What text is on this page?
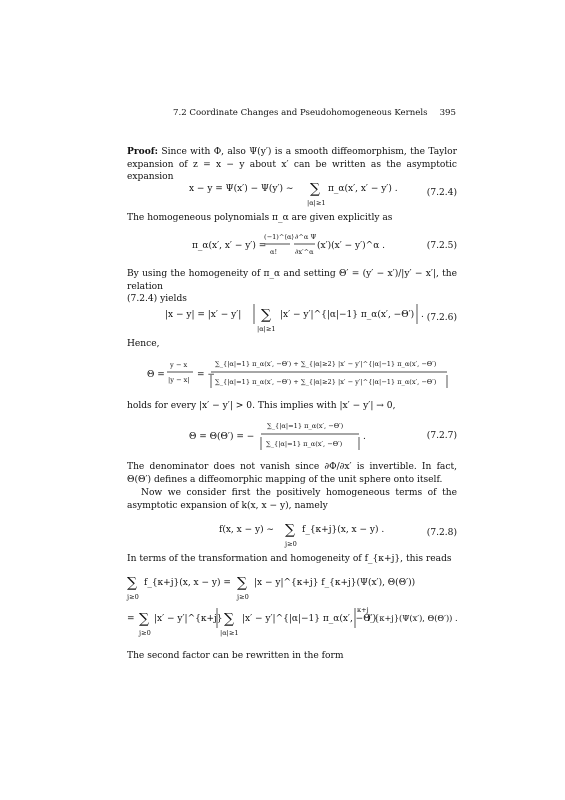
7.2 Coordinate Changes and Pseudohomogeneous Kernels 395
Proof: Since with Φ, also Ψ(y′) is a smooth diffeomorphism, the Taylor expansion of z = x − y about x′ can be written as the asymptotic expansion
x − y = Ψ(x′) − Ψ(y′) ∼ ∑
|α|≥1
π_α(x′, x′ − y′) .	(7.2.4)
The homogeneous polynomials π_α are given explicitly as
π_α(x′, x′ − y′) =
(−1)^⟨α⟩
α!
∂^α Ψ
∂x′^α
(x′)(x′ − y′)^α .	(7.2.5)
By using the homogeneity of π_α and setting Θ′ = (y′ − x′)/|y′ − x′|, the relation
(7.2.4) yields
|x − y| = |x′ − y′| ∑
|α|≥1
|x′ − y′|^{|α|−1} π_α(x′, −Θ′) . (7.2.6)
Hence,
Θ =
y − x
|y − x| = −
∑_{|α|=1} π_α(x′, −Θ′) + ∑_{|α|≥2} |x′ − y′|^{|α|−1} π_α(x′, −Θ′)
∑_{|α|=1} π_α(x′, −Θ′) + ∑_{|α|≥2} |x′ − y′|^{|α|−1} π_α(x′, −Θ′)
holds for every |x′ − y′| > 0. This implies with |x′ − y′| → 0,
Θ = Θ(Θ′) = −
∑_{|α|=1} π_α(x′, −Θ′)
∑_{|α|=1} π_α(x′, −Θ′)
.	(7.2.7)
The denominator does not vanish since ∂Φ/∂x′ is invertible. In fact, Θ(Θ′) defines a diffeomorphic mapping of the unit sphere onto itself.
Now we consider first the positively homogeneous terms of the asymptotic expansion of k(x, x − y), namely
f(x, x − y) ∼ ∑
j≥0
f_{κ+j}(x, x − y) .	(7.2.8)
In terms of the transformation and homogeneity of f_{κ+j}, this reads
∑
j≥0
f_{κ+j}(x, x − y) = ∑
j≥0
|x − y|^{κ+j} f_{κ+j}(Ψ(x′), Θ(Θ′))
= ∑
j≥0
|x′ − y′|^{κ+j} ∑
|α|≥1
|x′ − y′|^{|α|−1} π_α(x′, −Θ′)
κ+j
f_{κ+j}(Ψ(x′), Θ(Θ′)) .
The second factor can be rewritten in the form
